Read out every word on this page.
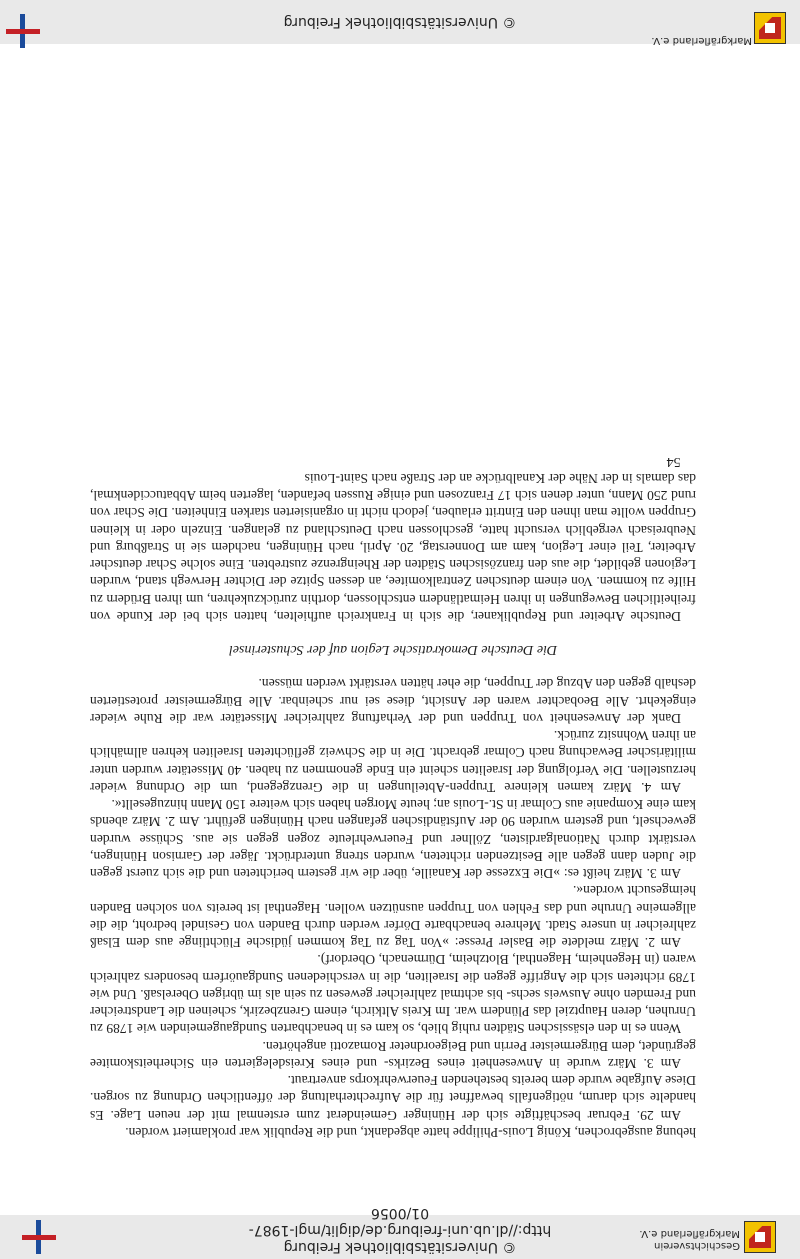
© Universitätsbibliothek Freiburg
http://dl.ub.uni-freiburg.de/diglit/mgl-1987-01/0056
Geschichtsverein
Markgräflerland e.V.

hebung ausgebrochen, König Louis-Philippe hatte abgedankt, und die Republik war proklamiert worden.

Am 29. Februar beschäftigte sich der Hüninger Gemeinderat zum erstenmal mit der neuen Lage. Es handelte sich darum, nötigenfalls bewaffnet für die Aufrechterhaltung der öffentlichen Ordnung zu sorgen. Diese Aufgabe wurde dem bereits bestehenden Feuerwehrkorps anvertraut.

Am 3. März wurde in Anwesenheit eines Bezirks- und eines Kreisdelegierten ein Sicherheitskomitee gegründet, dem Bürgermeister Perrin und Beigeordneter Romazotti angehörten.

Wenn es in den elsässischen Städten ruhig blieb, so kam es in benachbarten Sundgaugemeinden wie 1789 zu Unruhen, deren Hauptziel das Plündern war. Im Kreis Altkirch, einem Grenzbezirk, scheinen die Landstreicher und Fremden ohne Ausweis sechs- bis achtmal zahlreicher gewesen zu sein als im übrigen Oberelsaß. Und wie 1789 richteten sich die Angriffe gegen die Israeliten, die in verschiedenen Sundgauörfern besonders zahlreich waren (in Hegenheim, Hagenthal, Blotzheim, Dürmenach, Oberdorf).

Am 2. März meldete die Basler Presse: »Von Tag zu Tag kommen jüdische Flüchtlinge aus dem Elsaß zahlreicher in unsere Stadt. Mehrere benachbarte Dörfer werden durch Banden von Gesindel bedroht, die die allgemeine Unruhe und das Fehlen von Truppen ausnützen wollen. Hagenthal ist bereits von solchen Banden heimgesucht worden«.

Am 3. März heißt es: »Die Exzesse der Kanaille, über die wir gestern berichteten und die sich zuerst gegen die Juden dann gegen alle Besitzenden richteten, wurden streng unterdrückt. Jäger der Garnison Hüningen, verstärkt durch Nationalgardisten, Zöllner und Feuerwehrleute zogen gegen sie aus. Schüsse wurden gewechselt, und gestern wurden 90 der Aufständischen gefangen nach Hüningen geführt. Am 2. März abends kam eine Kompanie aus Colmar in St.-Louis an; heute Morgen haben sich weitere 150 Mann hinzugesellt«.

Am 4. März kamen kleinere Truppen-Abteilungen in die Grenzgegend, um die Ordnung wieder herzustellen. Die Verfolgung der Israeliten scheint ein Ende genommen zu haben. 40 Missetäter wurden unter militärischer Bewachung nach Colmar gebracht. Die in die Schweiz geflüchteten Israeliten kehren allmählich an ihren Wohnsitz zurück.

Dank der Anwesenheit von Truppen und der Verhaftung zahlreicher Missetäter war die Ruhe wieder eingekehrt. Alle Beobachter waren der Ansicht, diese sei nur scheinbar. Alle Bürgermeister protestierten deshalb gegen den Abzug der Truppen, die eher hätten verstärkt werden müssen.

Die Deutsche Demokratische Legion auf der Schusterinsel

Deutsche Arbeiter und Republikaner, die sich in Frankreich aufhielten, hatten sich bei der Kunde von freiheitlichen Bewegungen in ihren Heimatländern entschlossen, dorthin zurückzukehren, um ihren Brüdern zu Hilfe zu kommen. Von einem deutschen Zentralkomitee, an dessen Spitze der Dichter Herwegh stand, wurden Legionen gebildet, die aus den französischen Städten der Rheingrenze zustrebten. Eine solche Schar deutscher Arbeiter, Teil einer Legion, kam am Donnerstag, 20. April, nach Hüningen, nachdem sie in Straßburg und Neubreisach vergeblich versucht hatte, geschlossen nach Deutschland zu gelangen. Einzeln oder in kleinen Gruppen wollte man ihnen den Eintritt erlauben, jedoch nicht in organisierten starken Einheiten. Die Schar von rund 250 Mann, unter denen sich 17 Franzosen und einige Russen befanden, lagerten beim Abbatuccidenkmal, das damals in der Nähe der Kanalbrücke an der Straße nach Saint-Louis

54

© Universitätsbibliothek Freiburg
Markgräflerland e.V.
